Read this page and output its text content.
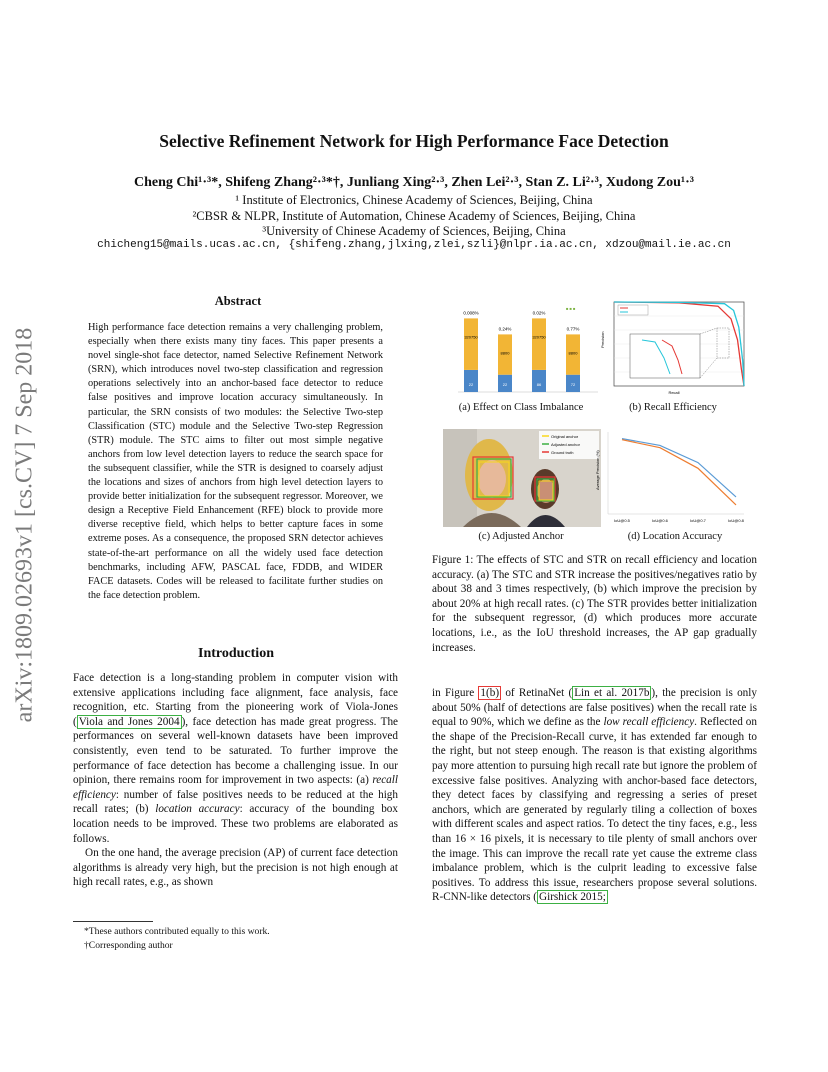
Selective Refinement Network for High Performance Face Detection
Cheng Chi¹·³*, Shifeng Zhang²·³*†, Junliang Xing²·³, Zhen Lei²·³, Stan Z. Li²·³, Xudong Zou¹·³
¹ Institute of Electronics, Chinese Academy of Sciences, Beijing, China
²CBSR & NLPR, Institute of Automation, Chinese Academy of Sciences, Beijing, China
³University of Chinese Academy of Sciences, Beijing, China
chicheng15@mails.ucas.ac.cn, {shifeng.zhang,jlxing,zlei,szli}@nlpr.ia.ac.cn, xdzou@mail.ie.ac.cn
arXiv:1809.02693v1 [cs.CV] 7 Sep 2018
Abstract
High performance face detection remains a very challenging problem, especially when there exists many tiny faces. This paper presents a novel single-shot face detector, named Selective Refinement Network (SRN), which introduces novel two-step classification and regression operations selectively into an anchor-based face detector to reduce false positives and improve location accuracy simultaneously. In particular, the SRN consists of two modules: the Selective Two-step Classification (STC) module and the Selective Two-step Regression (STR) module. The STC aims to filter out most simple negative anchors from low level detection layers to reduce the search space for the subsequent classifier, while the STR is designed to coarsely adjust the locations and sizes of anchors from high level detection layers to provide better initialization for the subsequent regressor. Moreover, we design a Receptive Field Enhancement (RFE) block to provide more diverse receptive field, which helps to better capture faces in some extreme poses. As a consequence, the proposed SRN detector achieves state-of-the-art performance on all the widely used face detection benchmarks, including AFW, PASCAL face, FDDB, and WIDER FACE datasets. Codes will be released to facilitate further studies on the face detection problem.
Introduction

Face detection is a long-standing problem in computer vision with extensive applications including face alignment, face analysis, face recognition, etc. Starting from the pioneering work of Viola-Jones ( Viola and Jones 2004 ), face detection has made great progress. The performances on several well-known datasets have been improved consistently, even tend to be saturated. To further improve the performance of face detection has become a challenging issue. In our opinion, there remains room for improvement in two aspects: (a) recall efficiency: number of false positives needs to be reduced at the high recall rates; (b) location accuracy: accuracy of the bounding box location needs to be improved. These two problems are elaborated as follows.

On the one hand, the average precision (AP) of current face detection algorithms is already very high, but the precision is not high enough at high recall rates, e.g., as shown

*These authors contributed equally to this work.
†Corresponding author
0.008%
320750
22
0.24%
8800
22
0.02%
320750
86
0.77%
8800
72
■ ■ ■
(a) Effect on Class Imbalance
Precision
Recall
(b) Recall Efficiency
Original anchor
Adjusted anchor
Ground truth
(c) Adjusted Anchor
IoU@0.5	IoU@0.6	IoU@0.7	IoU@0.8
Average Precision (%)
(d) Location Accuracy
Figure 1: The effects of STC and STR on recall efficiency and location accuracy. (a) The STC and STR increase the positives/negatives ratio by about 38 and 3 times respectively, (b) which improve the precision by about 20% at high recall rates. (c) The STR provides better initialization for the subsequent regressor, (d) which produces more accurate locations, i.e., as the IoU threshold increases, the AP gap gradually increases.
in Figure 1(b) of RetinaNet ( Lin et al. 2017b ), the precision is only about 50% (half of detections are false positives) when the recall rate is equal to 90%, which we define as the low recall efficiency. Reflected on the shape of the Precision-Recall curve, it has extended far enough to the right, but not steep enough. The reason is that existing algorithms pay more attention to pursuing high recall rate but ignore the problem of excessive false positives. Analyzing with anchor-based face detectors, they detect faces by classifying and regressing a series of preset anchors, which are generated by regularly tiling a collection of boxes with different scales and aspect ratios. To detect the tiny faces, e.g., less than 16 × 16 pixels, it is necessary to tile plenty of small anchors over the image. This can improve the recall rate yet cause the extreme class imbalance problem, which is the culprit leading to excessive false positives. To address this issue, researchers propose several solutions. R-CNN-like detectors ( Girshick 2015;
